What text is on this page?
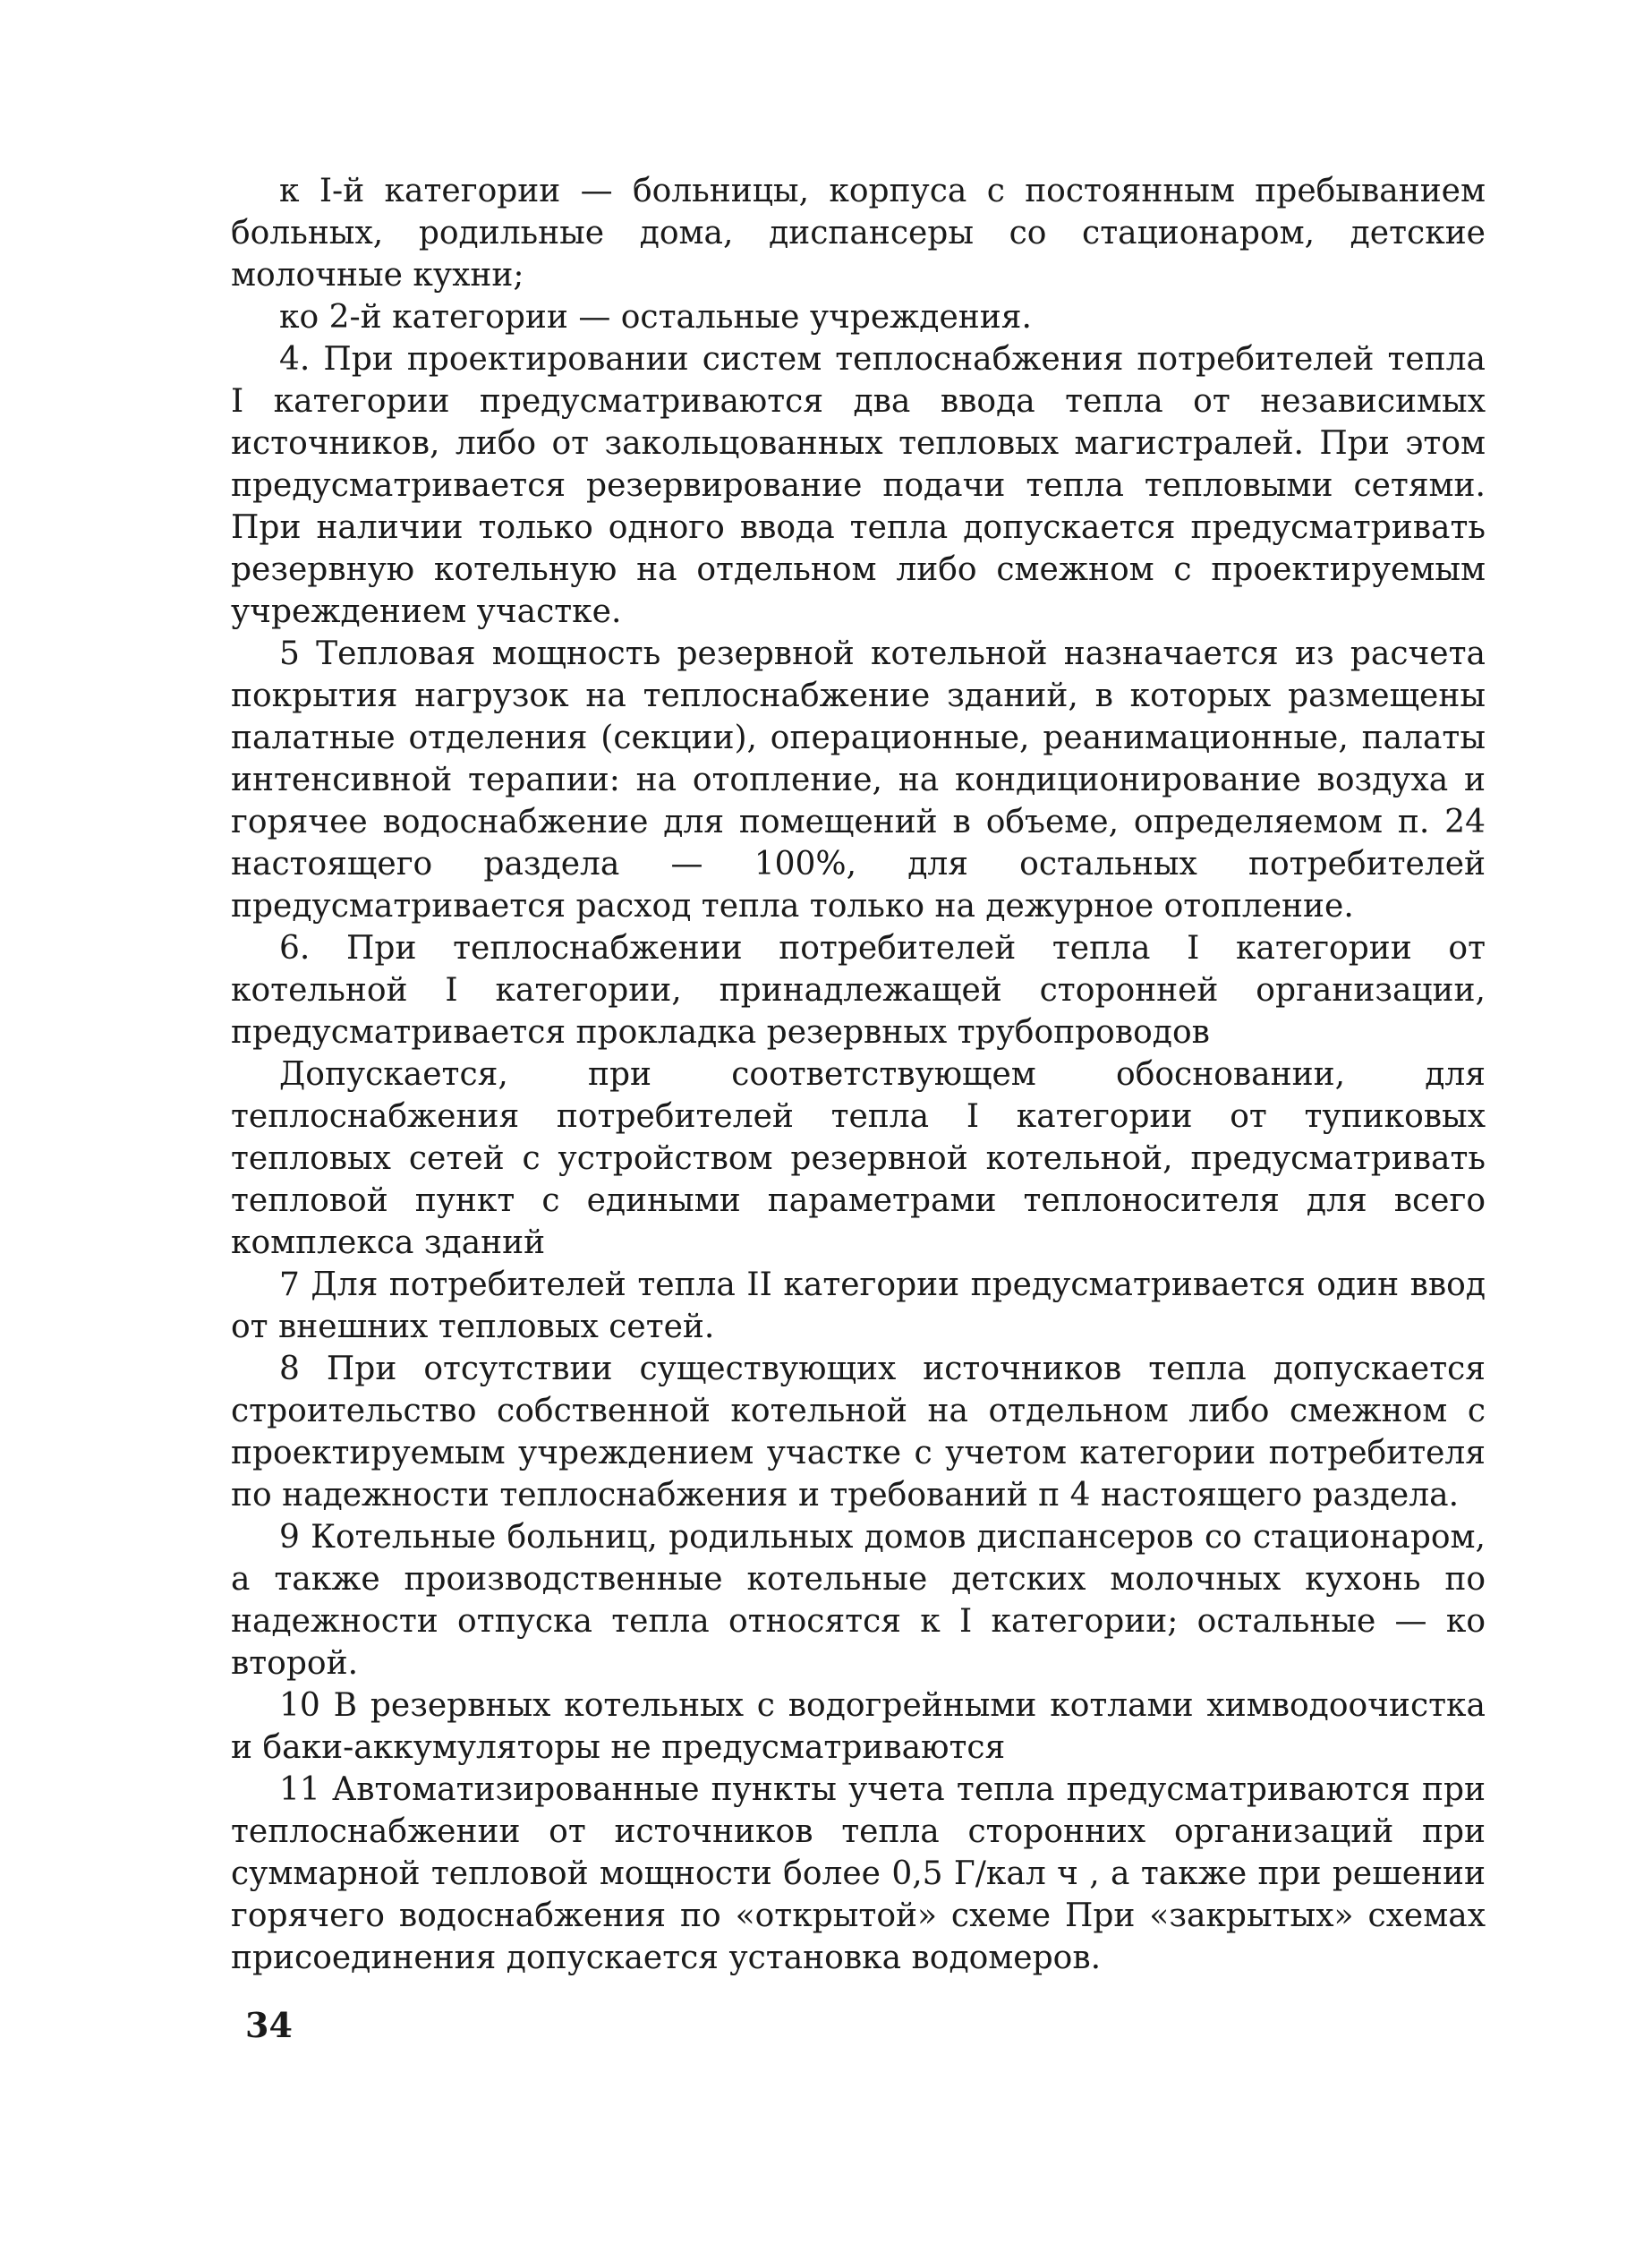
к I-й категории — больницы, корпуса с постоянным пребыванием больных, родильные дома, диспансеры со стационаром, детские молочные кухни;

ко 2-й категории — остальные учреждения.

4. При проектировании систем теплоснабжения потребителей тепла I категории предусматриваются два ввода тепла от независимых источников, либо от закольцованных тепловых магистралей. При этом предусматривается резервирование подачи тепла тепловыми сетями. При наличии только одного ввода тепла допускается предусматривать резервную котельную на отдельном либо смежном с проектируемым учреждением участке.

5 Тепловая мощность резервной котельной назначается из расчета покрытия нагрузок на теплоснабжение зданий, в которых размещены палатные отделения (секции), операционные, реанимационные, палаты интенсивной терапии: на отопление, на кондиционирование воздуха и горячее водоснабжение для помещений в объеме, определяемом п. 24 настоящего раздела — 100%, для остальных потребителей предусматривается расход тепла только на дежурное отопление.

6. При теплоснабжении потребителей тепла I категории от котельной I категории, принадлежащей сторонней организации, предусматривается прокладка резервных трубопроводов

Допускается, при соответствующем обосновании, для теплоснабжения потребителей тепла I категории от тупиковых тепловых сетей с устройством резервной котельной, предусматривать тепловой пункт с едиными параметрами теплоносителя для всего комплекса зданий

7 Для потребителей тепла II категории предусматривается один ввод от внешних тепловых сетей.

8 При отсутствии существующих источников тепла допускается строительство собственной котельной на отдельном либо смежном с проектируемым учреждением участке с учетом категории потребителя по надежности теплоснабжения и требований п 4 настоящего раздела.

9 Котельные больниц, родильных домов диспансеров со стационаром, а также производственные котельные детских молочных кухонь по надежности отпуска тепла относятся к I категории; остальные — ко второй.

10 В резервных котельных с водогрейными котлами химводоочистка и баки-аккумуляторы не предусматриваются

11 Автоматизированные пункты учета тепла предусматриваются при теплоснабжении от источников тепла сторонних организаций при суммарной тепловой мощности более 0,5 Г/кал ч , а также при решении горячего водоснабжения по «открытой» схеме При «закрытых» схемах присоединения допускается установка водомеров.

34
